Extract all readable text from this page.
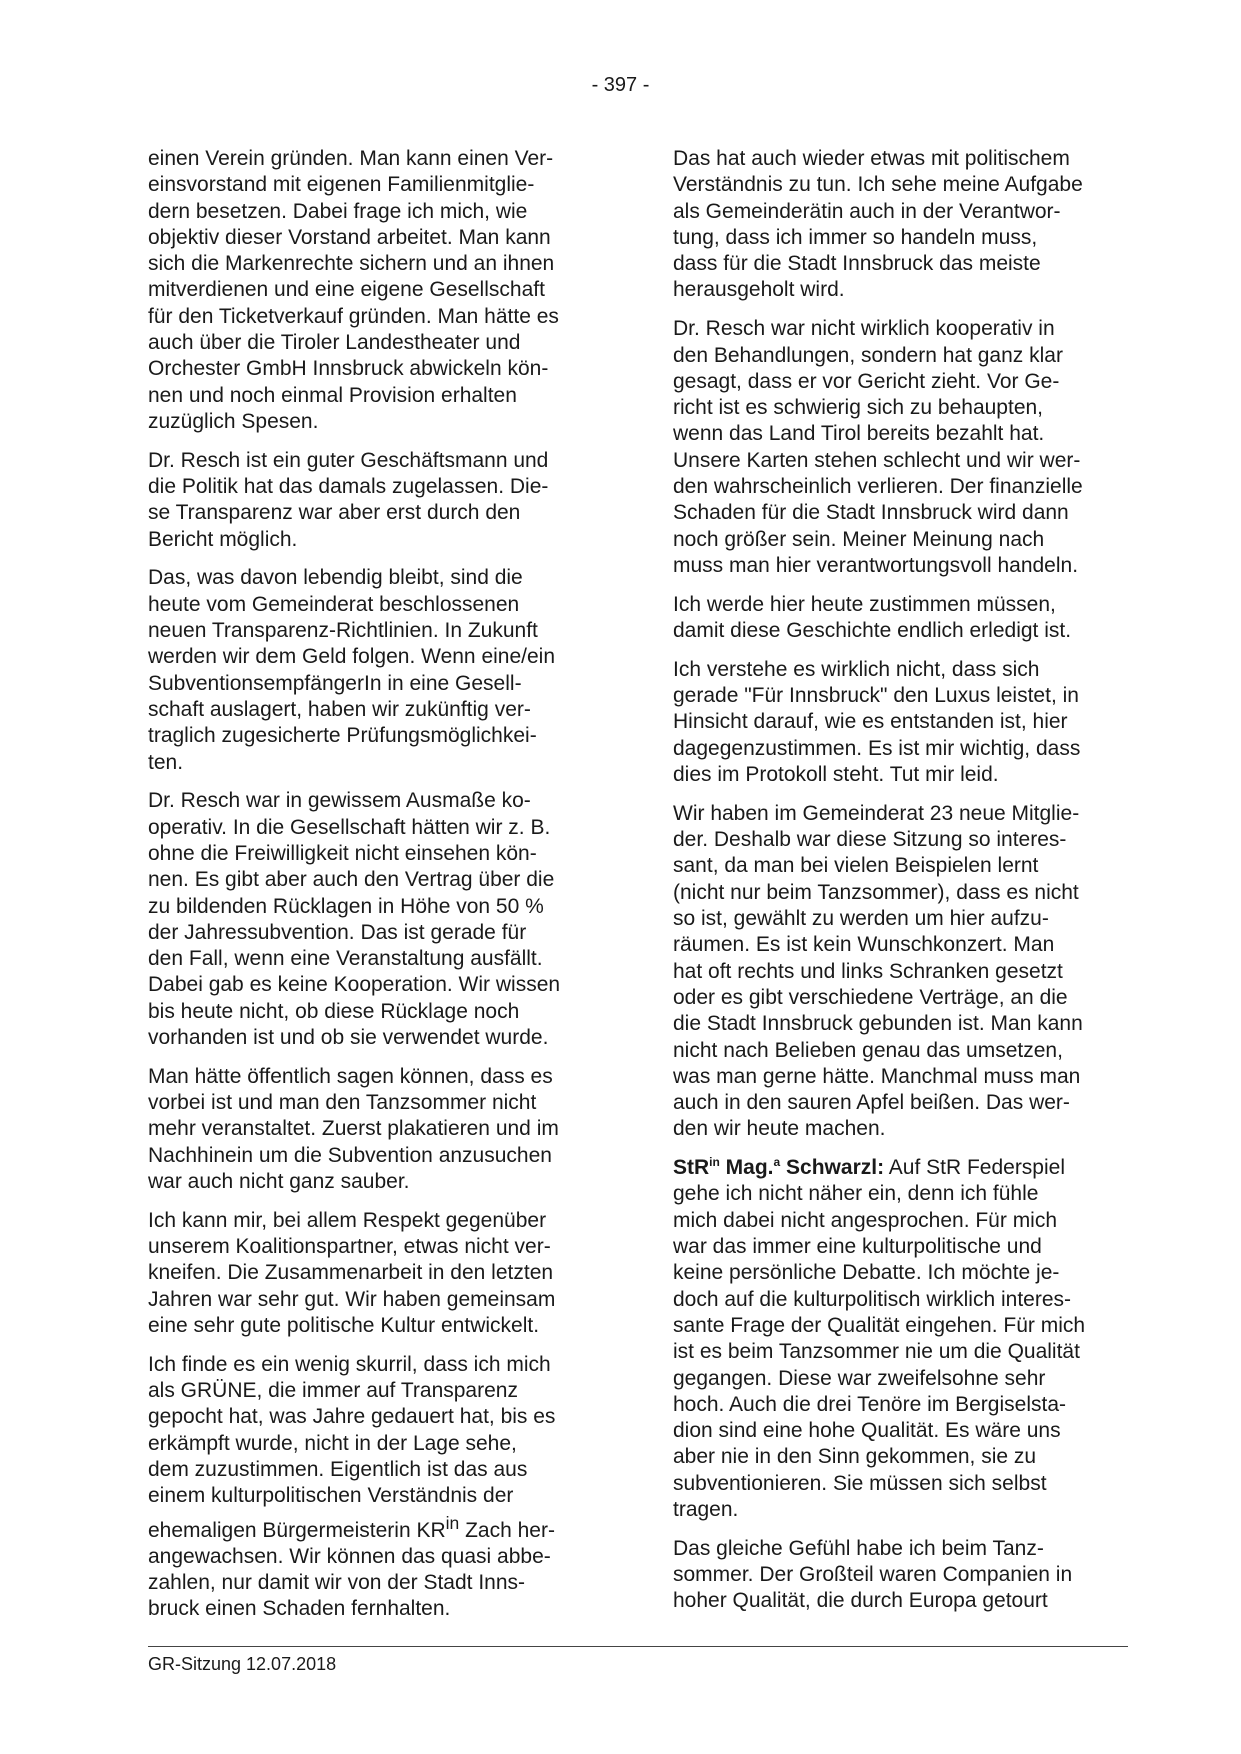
- 397 -

einen Verein gründen. Man kann einen Ver-
einsvorstand mit eigenen Familienmitglie-
dern besetzen. Dabei frage ich mich, wie
objektiv dieser Vorstand arbeitet. Man kann
sich die Markenrechte sichern und an ihnen
mitverdienen und eine eigene Gesellschaft
für den Ticketverkauf gründen. Man hätte es
auch über die Tiroler Landestheater und
Orchester GmbH Innsbruck abwickeln kön-
nen und noch einmal Provision erhalten
zuzüglich Spesen.

Dr. Resch ist ein guter Geschäftsmann und
die Politik hat das damals zugelassen. Die-
se Transparenz war aber erst durch den
Bericht möglich.

Das, was davon lebendig bleibt, sind die
heute vom Gemeinderat beschlossenen
neuen Transparenz-Richtlinien. In Zukunft
werden wir dem Geld folgen. Wenn eine/ein
SubventionsempfängerIn in eine Gesell-
schaft auslagert, haben wir zukünftig ver-
traglich zugesicherte Prüfungsmöglichkei-
ten.

Dr. Resch war in gewissem Ausmaße ko-
operativ. In die Gesellschaft hätten wir z. B.
ohne die Freiwilligkeit nicht einsehen kön-
nen. Es gibt aber auch den Vertrag über die
zu bildenden Rücklagen in Höhe von 50 %
der Jahressubvention. Das ist gerade für
den Fall, wenn eine Veranstaltung ausfällt.
Dabei gab es keine Kooperation. Wir wissen
bis heute nicht, ob diese Rücklage noch
vorhanden ist und ob sie verwendet wurde.

Man hätte öffentlich sagen können, dass es
vorbei ist und man den Tanzsommer nicht
mehr veranstaltet. Zuerst plakatieren und im
Nachhinein um die Subvention anzusuchen
war auch nicht ganz sauber.

Ich kann mir, bei allem Respekt gegenüber
unserem Koalitionspartner, etwas nicht ver-
kneifen. Die Zusammenarbeit in den letzten
Jahren war sehr gut. Wir haben gemeinsam
eine sehr gute politische Kultur entwickelt.

Ich finde es ein wenig skurril, dass ich mich
als GRÜNE, die immer auf Transparenz
gepocht hat, was Jahre gedauert hat, bis es
erkämpft wurde, nicht in der Lage sehe,
dem zuzustimmen. Eigentlich ist das aus
einem kulturpolitischen Verständnis der
ehemaligen Bürgermeisterin $KR^{in}$ Zach her-
angewachsen. Wir können das quasi abbe-
zahlen, nur damit wir von der Stadt Inns-
bruck einen Schaden fernhalten.

Das hat auch wieder etwas mit politischem
Verständnis zu tun. Ich sehe meine Aufgabe
als Gemeinderätin auch in der Verantwor-
tung, dass ich immer so handeln muss,
dass für die Stadt Innsbruck das meiste
herausgeholt wird.

Dr. Resch war nicht wirklich kooperativ in
den Behandlungen, sondern hat ganz klar
gesagt, dass er vor Gericht zieht. Vor Ge-
richt ist es schwierig sich zu behaupten,
wenn das Land Tirol bereits bezahlt hat.
Unsere Karten stehen schlecht und wir wer-
den wahrscheinlich verlieren. Der finanzielle
Schaden für die Stadt Innsbruck wird dann
noch größer sein. Meiner Meinung nach
muss man hier verantwortungsvoll handeln.

Ich werde hier heute zustimmen müssen,
damit diese Geschichte endlich erledigt ist.

Ich verstehe es wirklich nicht, dass sich
gerade "Für Innsbruck" den Luxus leistet, in
Hinsicht darauf, wie es entstanden ist, hier
dagegenzustimmen. Es ist mir wichtig, dass
dies im Protokoll steht. Tut mir leid.

Wir haben im Gemeinderat 23 neue Mitglie-
der. Deshalb war diese Sitzung so interes-
sant, da man bei vielen Beispielen lernt
(nicht nur beim Tanzsommer), dass es nicht
so ist, gewählt zu werden um hier aufzu-
räumen. Es ist kein Wunschkonzert. Man
hat oft rechts und links Schranken gesetzt
oder es gibt verschiedene Verträge, an die
die Stadt Innsbruck gebunden ist. Man kann
nicht nach Belieben genau das umsetzen,
was man gerne hätte. Manchmal muss man
auch in den sauren Apfel beißen. Das wer-
den wir heute machen.

StR$^{in}$ Mag.$^a$ Schwarzl: Auf StR Federspiel
gehe ich nicht näher ein, denn ich fühle
mich dabei nicht angesprochen. Für mich
war das immer eine kulturpolitische und
keine persönliche Debatte. Ich möchte je-
doch auf die kulturpolitisch wirklich interes-
sante Frage der Qualität eingehen. Für mich
ist es beim Tanzsommer nie um die Qualität
gegangen. Diese war zweifelsohne sehr
hoch. Auch die drei Tenöre im Bergiselsta-
dion sind eine hohe Qualität. Es wäre uns
aber nie in den Sinn gekommen, sie zu
subventionieren. Sie müssen sich selbst
tragen.

Das gleiche Gefühl habe ich beim Tanz-
sommer. Der Großteil waren Companien in
hoher Qualität, die durch Europa getourt

GR-Sitzung 12.07.2018
